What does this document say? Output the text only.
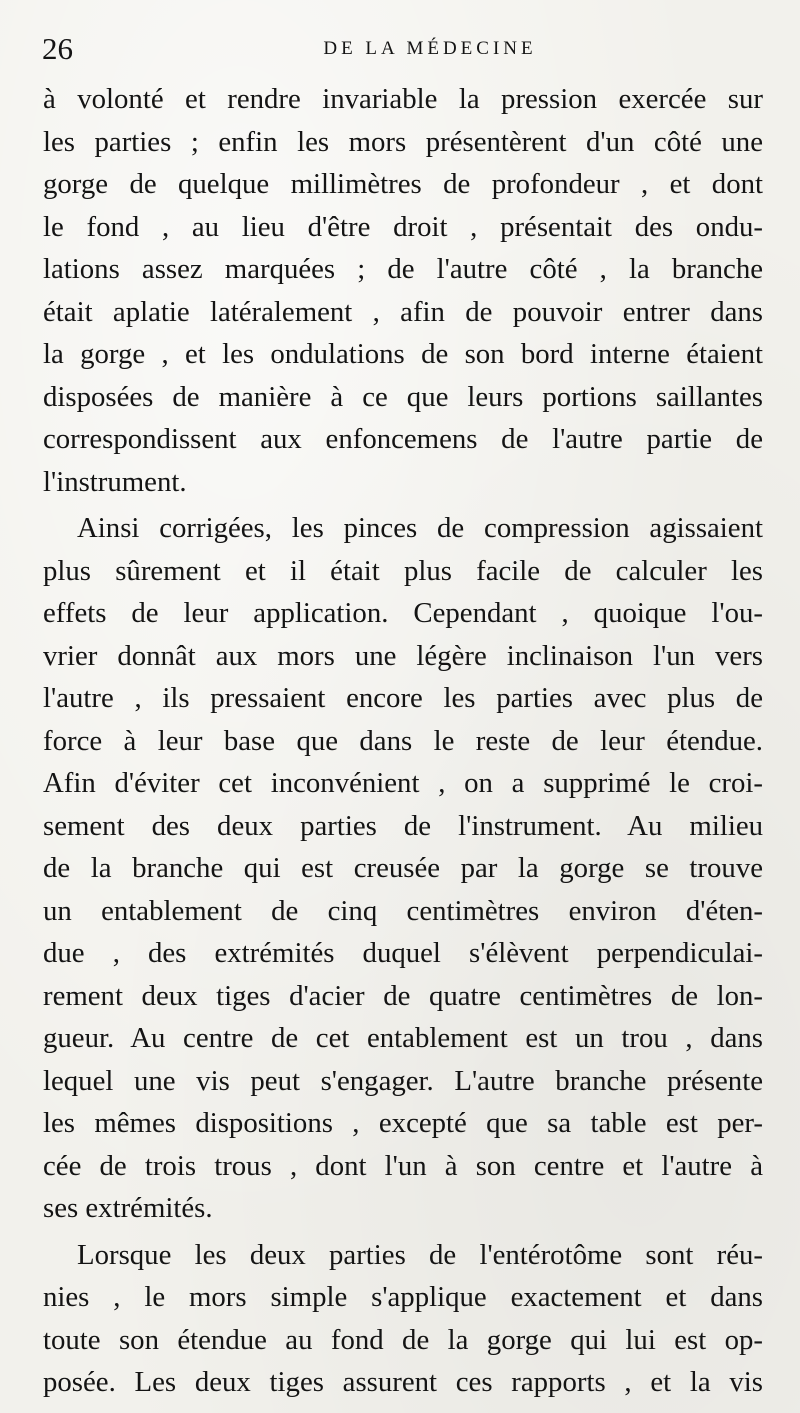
26	DE LA MÉDECINE
à volonté et rendre invariable la pression exercée sur
les parties ; enfin les mors présentèrent d'un côté une
gorge de quelque millimètres de profondeur , et dont
le fond , au lieu d'être droit , présentait des ondu-
lations assez marquées ; de l'autre côté , la branche
était aplatie latéralement , afin de pouvoir entrer dans
la gorge , et les ondulations de son bord interne étaient
disposées de manière à ce que leurs portions saillantes
correspondissent aux enfoncemens de l'autre partie de
l'instrument.
Ainsi corrigées, les pinces de compression agissaient
plus sûrement et il était plus facile de calculer les
effets de leur application. Cependant , quoique l'ou-
vrier donnât aux mors une légère inclinaison l'un vers
l'autre , ils pressaient encore les parties avec plus de
force à leur base que dans le reste de leur étendue.
Afin d'éviter cet inconvénient , on a supprimé le croi-
sement des deux parties de l'instrument. Au milieu
de la branche qui est creusée par la gorge se trouve
un entablement de cinq centimètres environ d'éten-
due , des extrémités duquel s'élèvent perpendiculai-
rement deux tiges d'acier de quatre centimètres de lon-
gueur. Au centre de cet entablement est un trou , dans
lequel une vis peut s'engager. L'autre branche présente
les mêmes dispositions , excepté que sa table est per-
cée de trois trous , dont l'un à son centre et l'autre à
ses extrémités.
Lorsque les deux parties de l'entérotôme sont réu-
nies , le mors simple s'applique exactement et dans
toute son étendue au fond de la gorge qui lui est op-
posée. Les deux tiges assurent ces rapports , et la vis
